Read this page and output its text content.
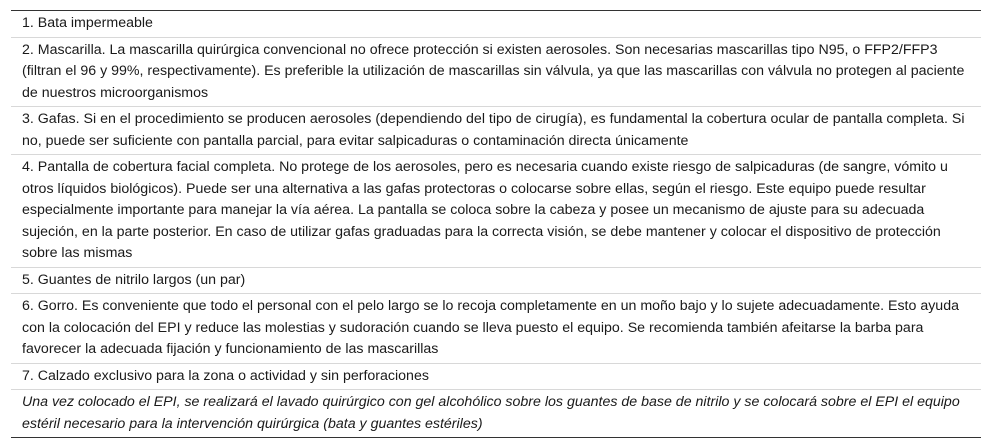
1. Bata impermeable
2. Mascarilla. La mascarilla quirúrgica convencional no ofrece protección si existen aerosoles. Son necesarias mascarillas tipo N95, o FFP2/FFP3 (filtran el 96 y 99%, respectivamente). Es preferible la utilización de mascarillas sin válvula, ya que las mascarillas con válvula no protegen al paciente de nuestros microorganismos
3. Gafas. Si en el procedimiento se producen aerosoles (dependiendo del tipo de cirugía), es fundamental la cobertura ocular de pantalla completa. Si no, puede ser suficiente con pantalla parcial, para evitar salpicaduras o contaminación directa únicamente
4. Pantalla de cobertura facial completa. No protege de los aerosoles, pero es necesaria cuando existe riesgo de salpicaduras (de sangre, vómito u otros líquidos biológicos). Puede ser una alternativa a las gafas protectoras o colocarse sobre ellas, según el riesgo. Este equipo puede resultar especialmente importante para manejar la vía aérea. La pantalla se coloca sobre la cabeza y posee un mecanismo de ajuste para su adecuada sujeción, en la parte posterior. En caso de utilizar gafas graduadas para la correcta visión, se debe mantener y colocar el dispositivo de protección sobre las mismas
5. Guantes de nitrilo largos (un par)
6. Gorro. Es conveniente que todo el personal con el pelo largo se lo recoja completamente en un moño bajo y lo sujete adecuadamente. Esto ayuda con la colocación del EPI y reduce las molestias y sudoración cuando se lleva puesto el equipo. Se recomienda también afeitarse la barba para favorecer la adecuada fijación y funcionamiento de las mascarillas
7. Calzado exclusivo para la zona o actividad y sin perforaciones
Una vez colocado el EPI, se realizará el lavado quirúrgico con gel alcohólico sobre los guantes de base de nitrilo y se colocará sobre el EPI el equipo estéril necesario para la intervención quirúrgica (bata y guantes estériles)
